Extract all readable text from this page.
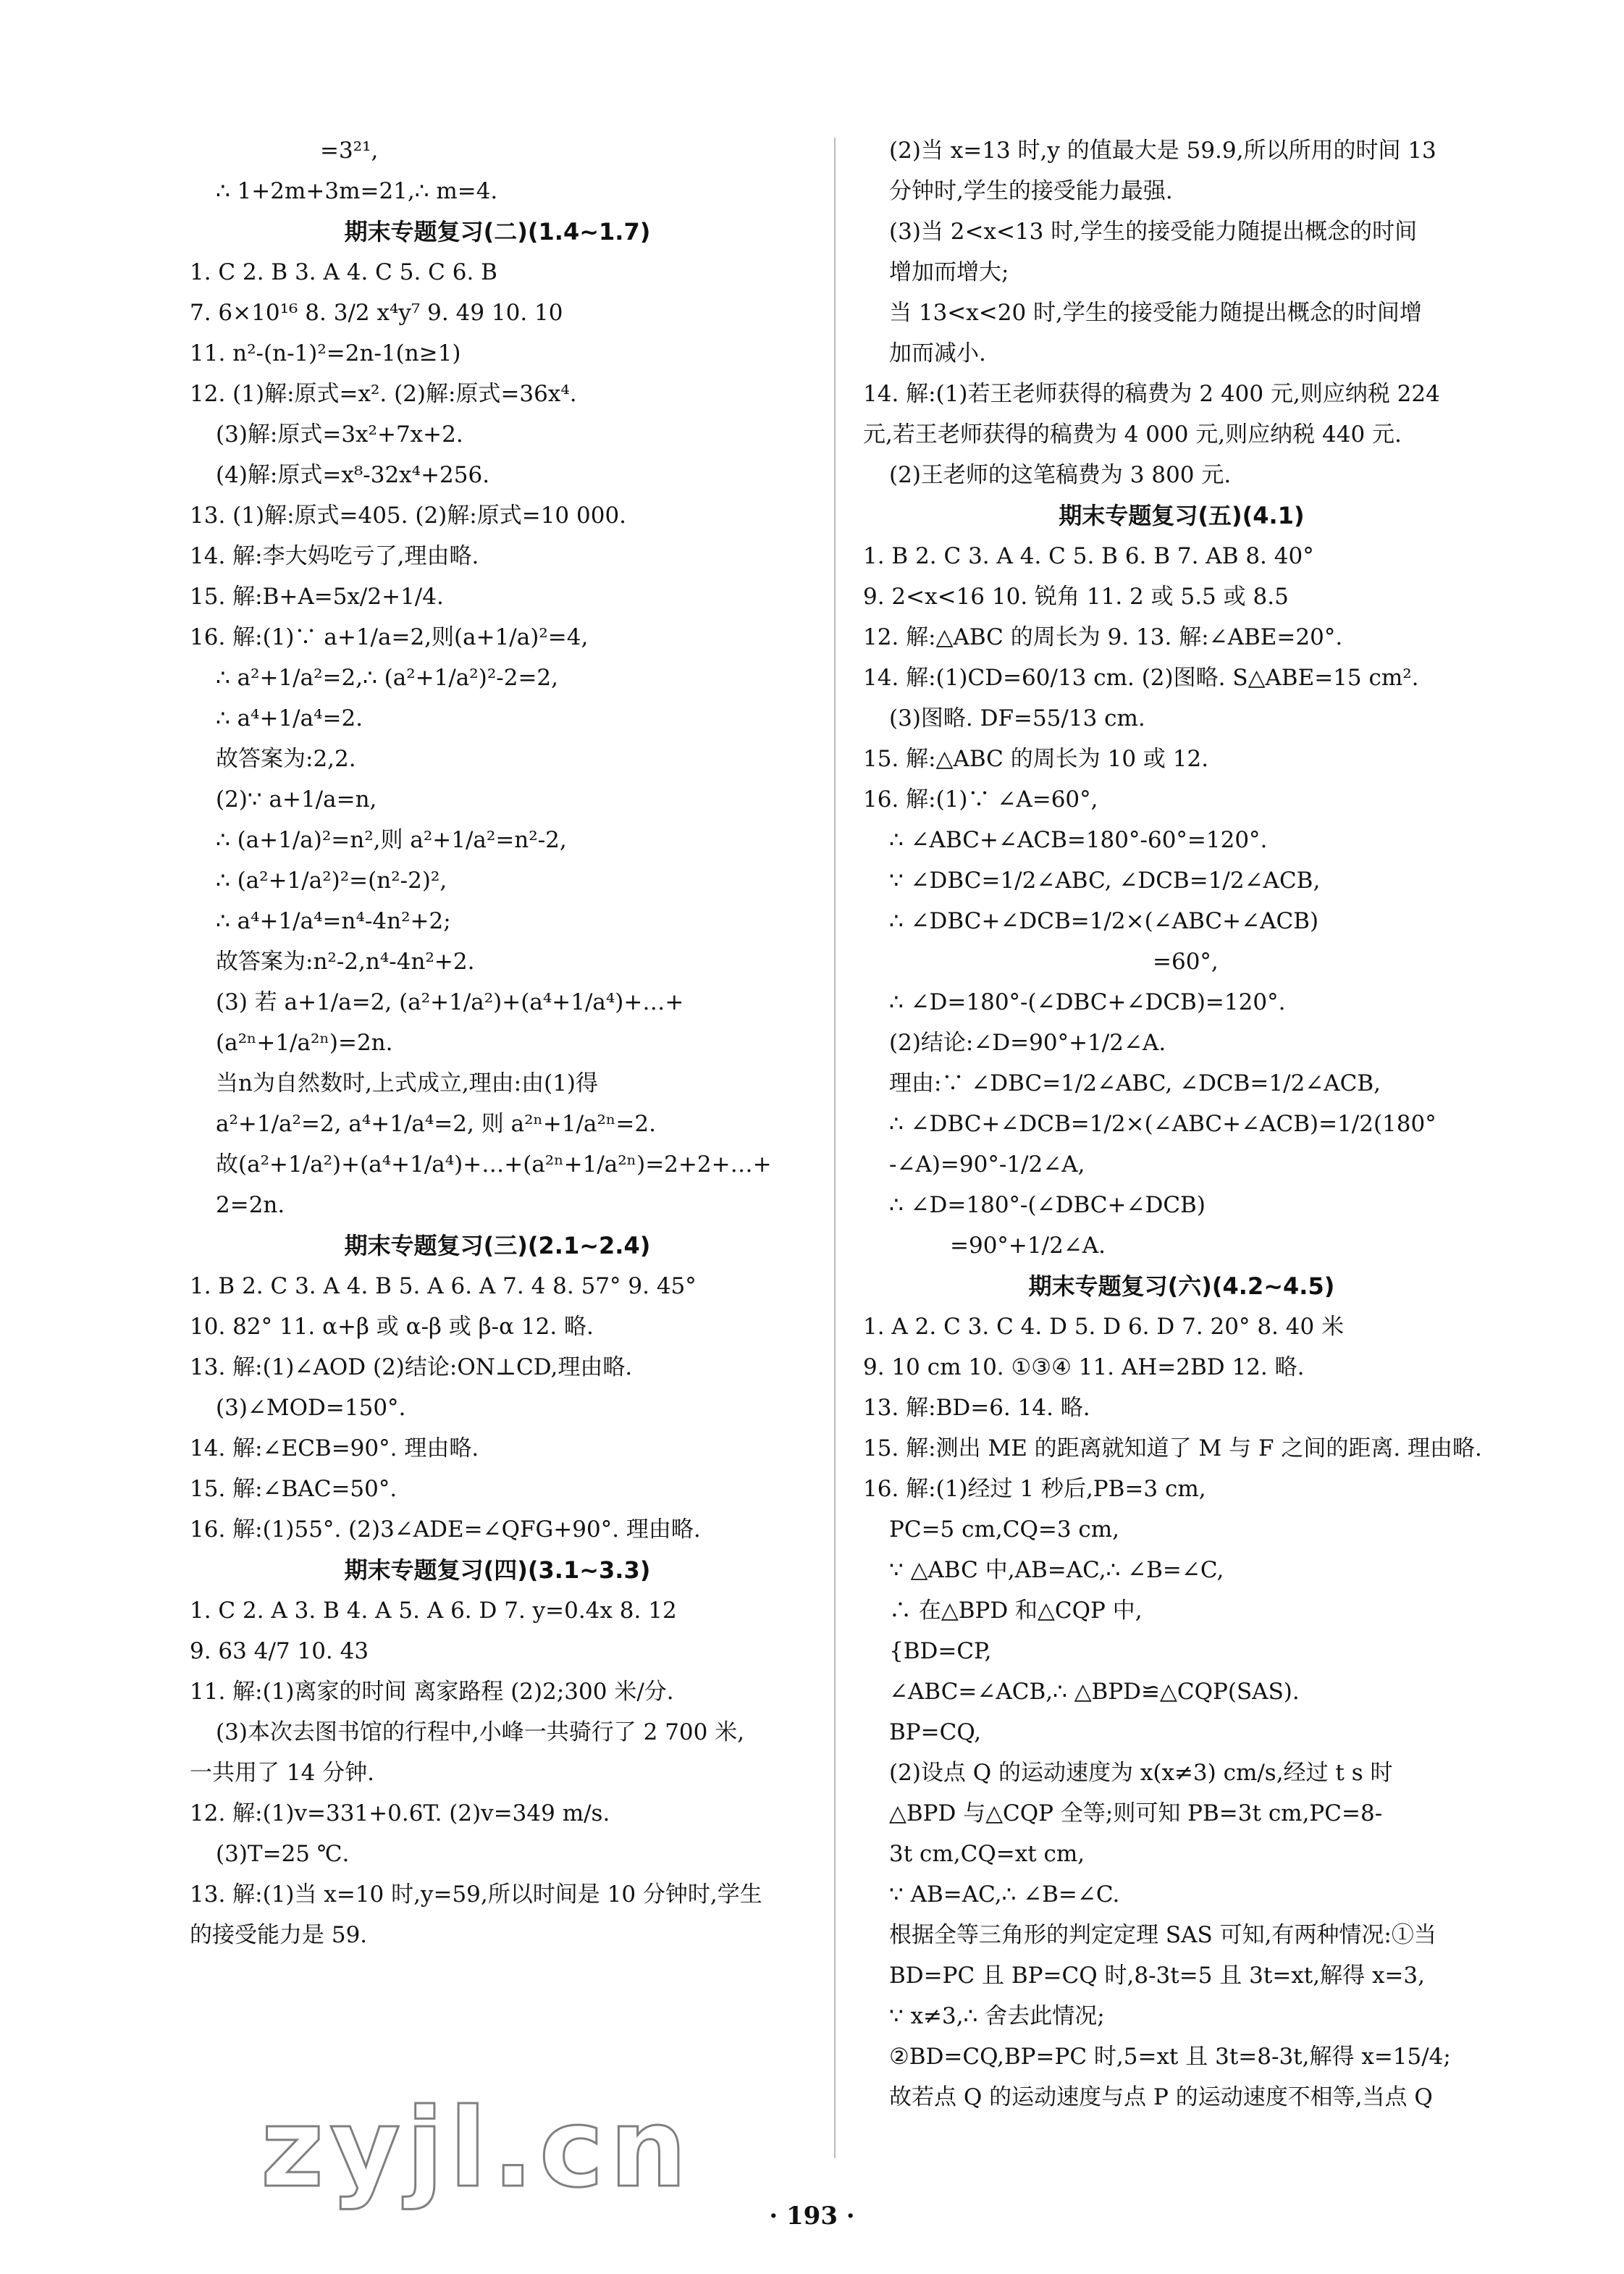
=3²¹,
∴ 1+2m+3m=21,∴ m=4.
期末专题复习(二)(1.4~1.7)
1. C 2. B 3. A 4. C 5. C 6. B
7. 6×10¹⁶ 8. 3/2 x⁴y⁷ 9. 49 10. 10
11. n²-(n-1)²=2n-1(n≥1)
12. (1)解:原式=x². (2)解:原式=36x⁴.
(3)解:原式=3x²+7x+2.
(4)解:原式=x⁸-32x⁴+256.
13. (1)解:原式=405. (2)解:原式=10 000.
14. 解:李大妈吃亏了,理由略.
15. 解:B+A=5x/2+1/4.
16. 解:(1)∵ a+1/a=2,则(a+1/a)²=4,
∴ a²+1/a²=2,∴ (a²+1/a²)²-2=2,
∴ a⁴+1/a⁴=2.
故答案为:2,2.
(2)∵ a+1/a=n,
∴ (a+1/a)²=n²,则 a²+1/a²=n²-2,
∴ (a²+1/a²)²=(n²-2)²,
∴ a⁴+1/a⁴=n⁴-4n²+2;
故答案为:n²-2,n⁴-4n²+2.
(3) 若 a+1/a=2, (a²+1/a²)+(a⁴+1/a⁴)+…+
(a²ⁿ+1/a²ⁿ)=2n.
当n为自然数时,上式成立,理由:由(1)得
a²+1/a²=2, a⁴+1/a⁴=2, 则 a²ⁿ+1/a²ⁿ=2.
故(a²+1/a²)+(a⁴+1/a⁴)+…+(a²ⁿ+1/a²ⁿ)=2+2+…+
2=2n.
期末专题复习(三)(2.1~2.4)
1. B 2. C 3. A 4. B 5. A 6. A 7. 4 8. 57° 9. 45°
10. 82° 11. α+β 或 α-β 或 β-α 12. 略.
13. 解:(1)∠AOD (2)结论:ON⊥CD,理由略.
(3)∠MOD=150°.
14. 解:∠ECB=90°. 理由略.
15. 解:∠BAC=50°.
16. 解:(1)55°. (2)3∠ADE=∠QFG+90°. 理由略.
期末专题复习(四)(3.1~3.3)
1. C 2. A 3. B 4. A 5. A 6. D 7. y=0.4x 8. 12
9. 63 4/7 10. 43
11. 解:(1)离家的时间 离家路程 (2)2;300 米/分.
(3)本次去图书馆的行程中,小峰一共骑行了 2 700 米,
一共用了 14 分钟.
12. 解:(1)v=331+0.6T. (2)v=349 m/s.
(3)T=25 ℃.
13. 解:(1)当 x=10 时,y=59,所以时间是 10 分钟时,学生
的接受能力是 59.
(2)当 x=13 时,y 的值最大是 59.9,所以所用的时间 13
分钟时,学生的接受能力最强.
(3)当 2<x<13 时,学生的接受能力随提出概念的时间
增加而增大;
当 13<x<20 时,学生的接受能力随提出概念的时间增
加而减小.
14. 解:(1)若王老师获得的稿费为 2 400 元,则应纳税 224
元,若王老师获得的稿费为 4 000 元,则应纳税 440 元.
(2)王老师的这笔稿费为 3 800 元.
期末专题复习(五)(4.1)
1. B 2. C 3. A 4. C 5. B 6. B 7. AB 8. 40°
9. 2<x<16 10. 锐角 11. 2 或 5.5 或 8.5
12. 解:△ABC 的周长为 9. 13. 解:∠ABE=20°.
14. 解:(1)CD=60/13 cm. (2)图略. S△ABE=15 cm².
(3)图略. DF=55/13 cm.
15. 解:△ABC 的周长为 10 或 12.
16. 解:(1)∵ ∠A=60°,
∴ ∠ABC+∠ACB=180°-60°=120°.
∵ ∠DBC=1/2∠ABC, ∠DCB=1/2∠ACB,
∴ ∠DBC+∠DCB=1/2×(∠ABC+∠ACB)
=60°,
∴ ∠D=180°-(∠DBC+∠DCB)=120°.
(2)结论:∠D=90°+1/2∠A.
理由:∵ ∠DBC=1/2∠ABC, ∠DCB=1/2∠ACB,
∴ ∠DBC+∠DCB=1/2×(∠ABC+∠ACB)=1/2(180°
-∠A)=90°-1/2∠A,
∴ ∠D=180°-(∠DBC+∠DCB)
=90°+1/2∠A.
期末专题复习(六)(4.2~4.5)
1. A 2. C 3. C 4. D 5. D 6. D 7. 20° 8. 40 米
9. 10 cm 10. ①③④ 11. AH=2BD 12. 略.
13. 解:BD=6. 14. 略.
15. 解:测出 ME 的距离就知道了 M 与 F 之间的距离. 理由略.
16. 解:(1)经过 1 秒后,PB=3 cm,
PC=5 cm,CQ=3 cm,
∵ △ABC 中,AB=AC,∴ ∠B=∠C,
∴ 在△BPD 和△CQP 中,
{BD=CP,
∠ABC=∠ACB,∴ △BPD≌△CQP(SAS).
BP=CQ,
(2)设点 Q 的运动速度为 x(x≠3) cm/s,经过 t s 时
△BPD 与△CQP 全等;则可知 PB=3t cm,PC=8-
3t cm,CQ=xt cm,
∵ AB=AC,∴ ∠B=∠C.
根据全等三角形的判定定理 SAS 可知,有两种情况:①当
BD=PC 且 BP=CQ 时,8-3t=5 且 3t=xt,解得 x=3,
∵ x≠3,∴ 舍去此情况;
②BD=CQ,BP=PC 时,5=xt 且 3t=8-3t,解得 x=15/4;
故若点 Q 的运动速度与点 P 的运动速度不相等,当点 Q
zyjl.cn
· 193 ·
